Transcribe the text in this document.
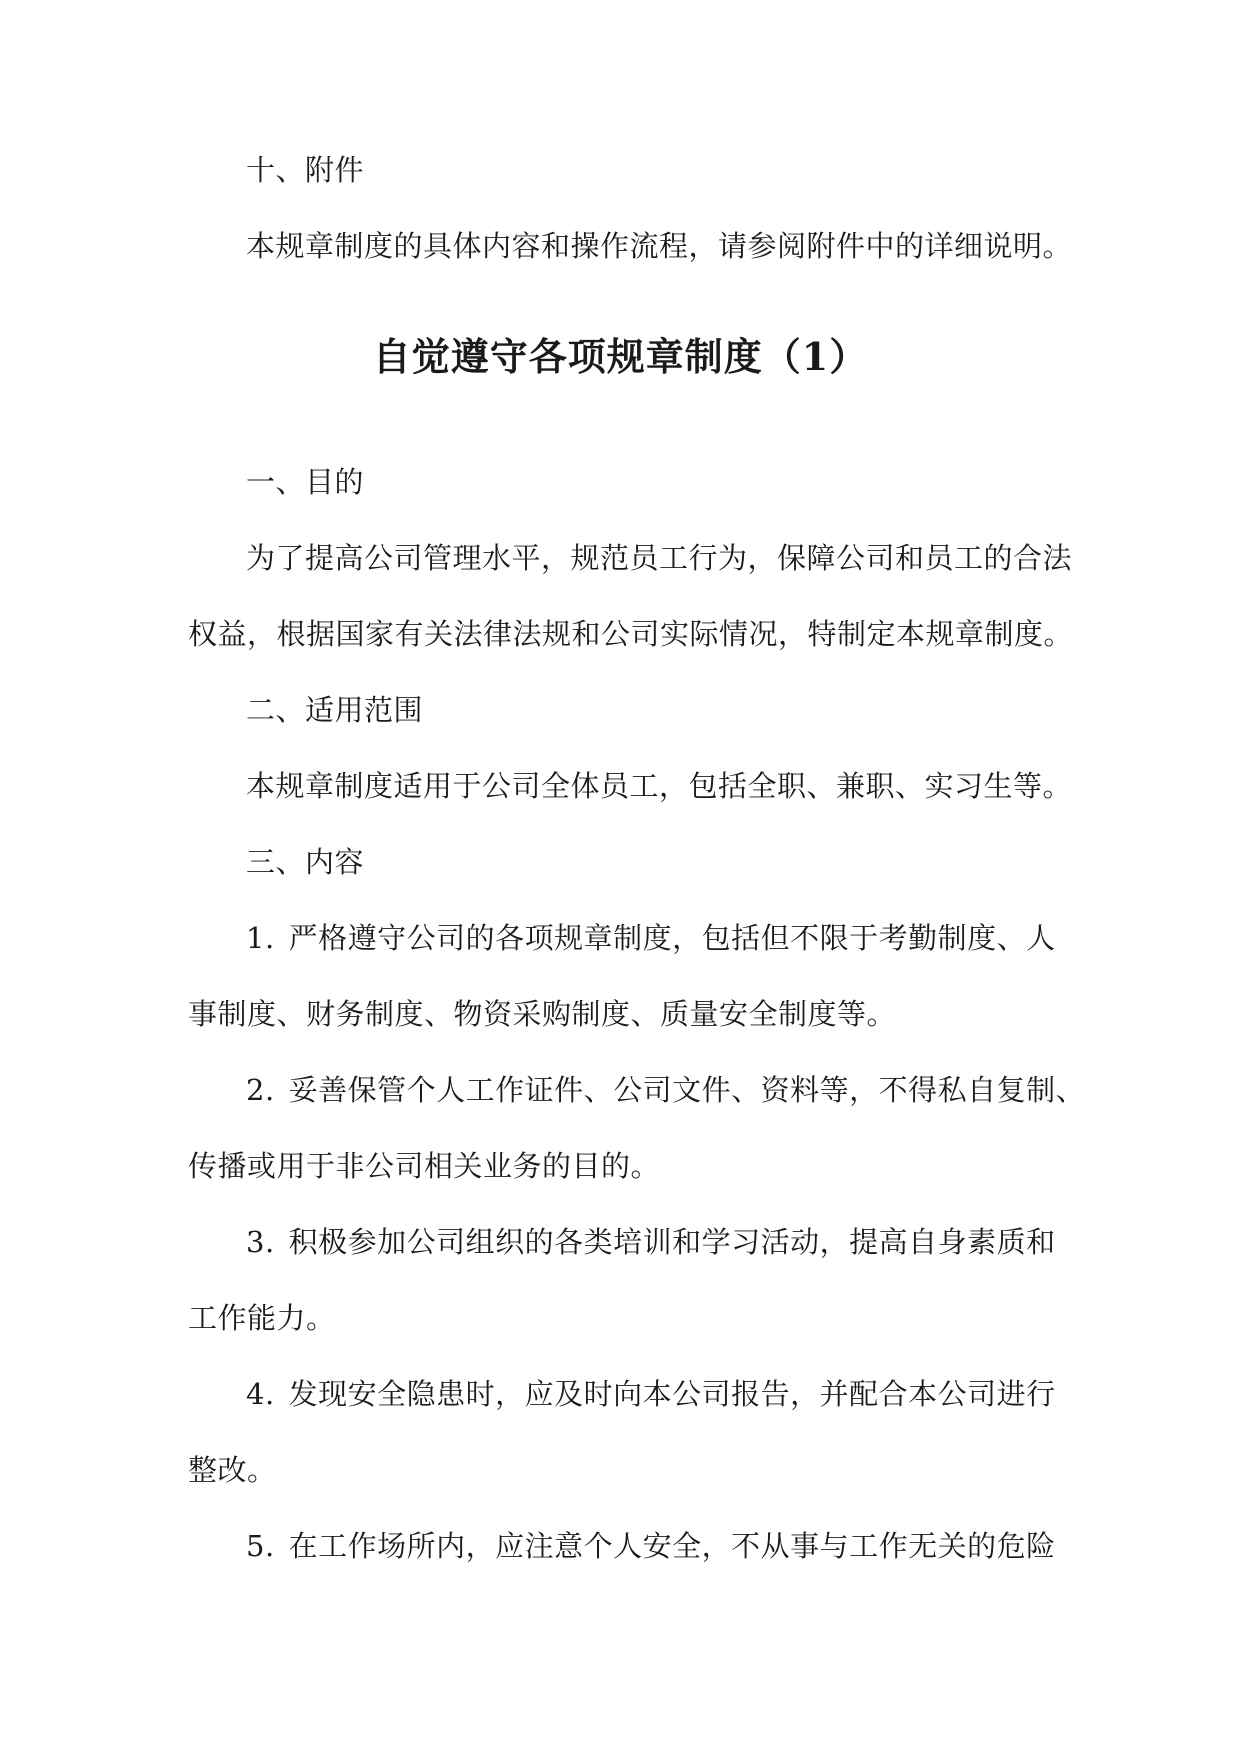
十、附件
本规章制度的具体内容和操作流程，请参阅附件中的详细说明。
自觉遵守各项规章制度（1）
一、目的
为了提高公司管理水平，规范员工行为，保障公司和员工的合法
权益，根据国家有关法律法规和公司实际情况，特制定本规章制度。
二、适用范围
本规章制度适用于公司全体员工，包括全职、兼职、实习生等。
三、内容
1. 严格遵守公司的各项规章制度，包括但不限于考勤制度、人
事制度、财务制度、物资采购制度、质量安全制度等。
2. 妥善保管个人工作证件、公司文件、资料等，不得私自复制、
传播或用于非公司相关业务的目的。
3. 积极参加公司组织的各类培训和学习活动，提高自身素质和
工作能力。
4. 发现安全隐患时，应及时向本公司报告，并配合本公司进行
整改。
5. 在工作场所内，应注意个人安全，不从事与工作无关的危险
